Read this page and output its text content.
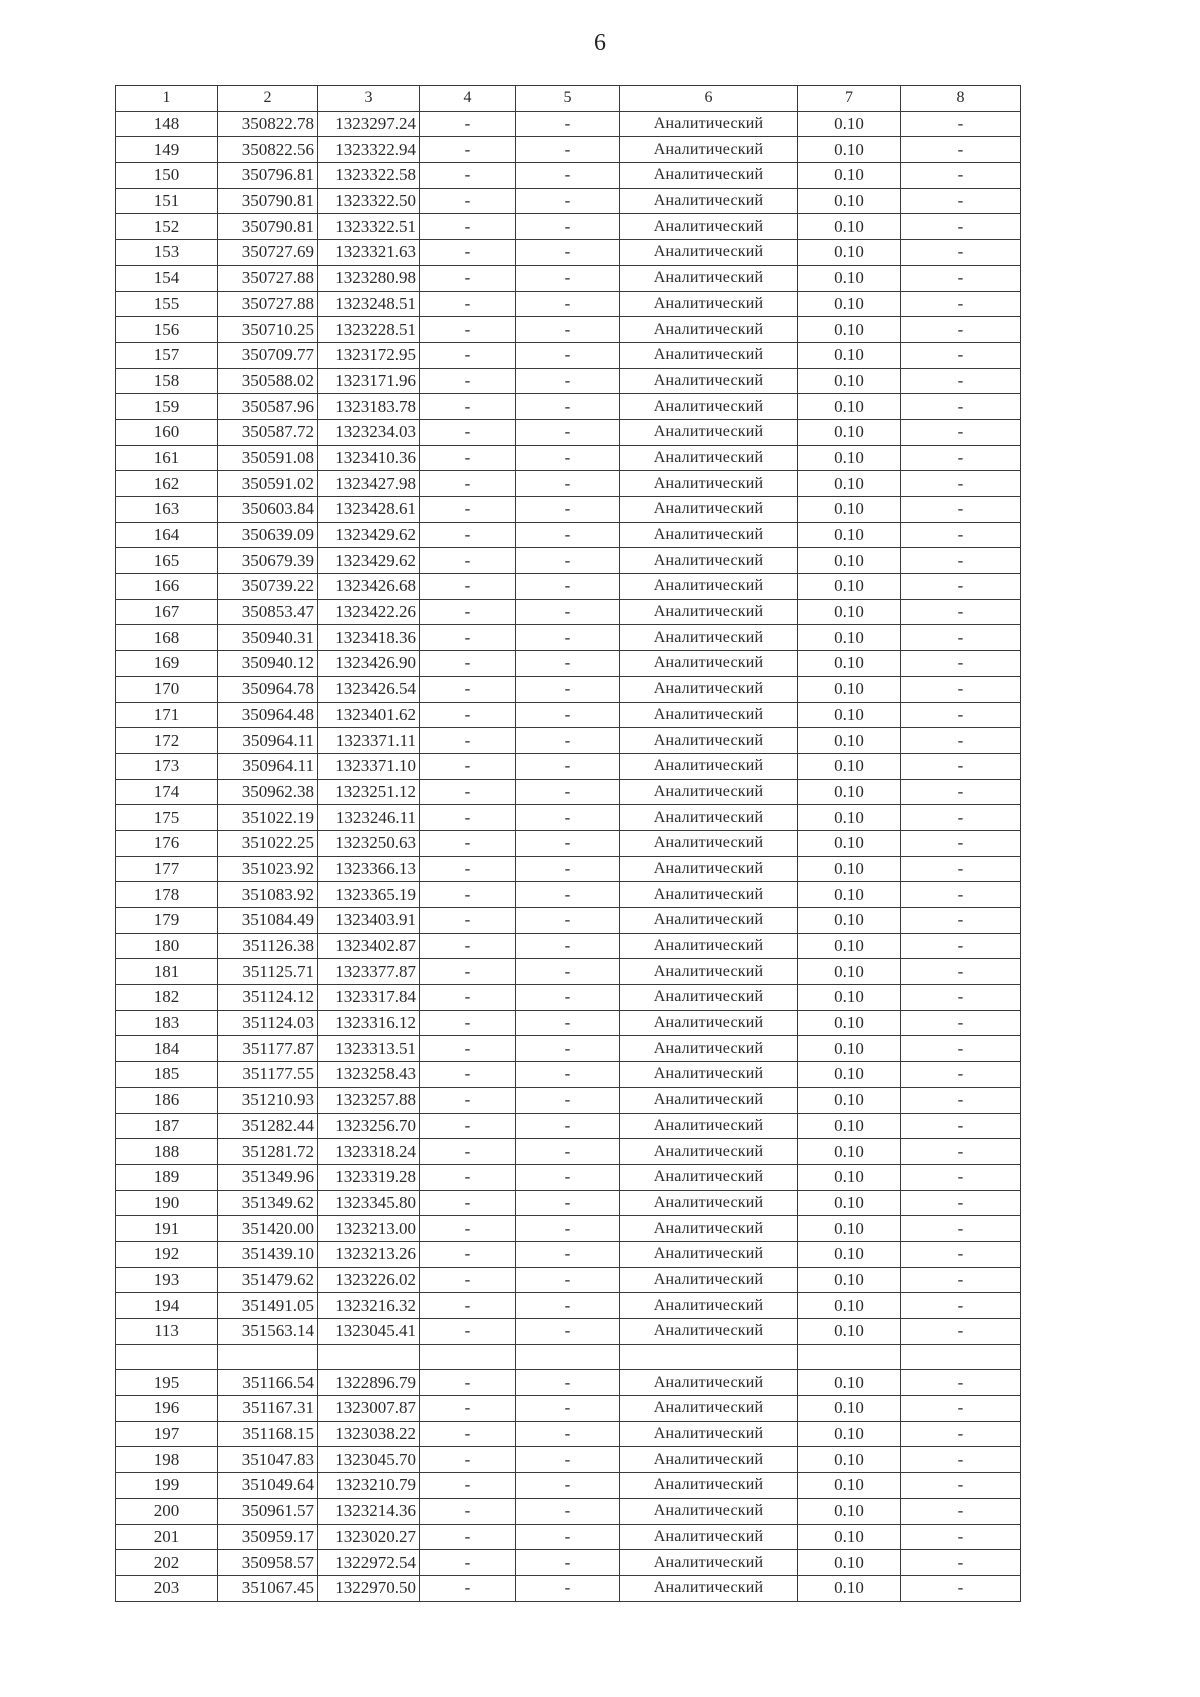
6
1	2	3	4	5	6	7	8
148	350822.78	1323297.24	-	-	Аналитический	0.10	-
149	350822.56	1323322.94	-	-	Аналитический	0.10	-
150	350796.81	1323322.58	-	-	Аналитический	0.10	-
151	350790.81	1323322.50	-	-	Аналитический	0.10	-
152	350790.81	1323322.51	-	-	Аналитический	0.10	-
153	350727.69	1323321.63	-	-	Аналитический	0.10	-
154	350727.88	1323280.98	-	-	Аналитический	0.10	-
155	350727.88	1323248.51	-	-	Аналитический	0.10	-
156	350710.25	1323228.51	-	-	Аналитический	0.10	-
157	350709.77	1323172.95	-	-	Аналитический	0.10	-
158	350588.02	1323171.96	-	-	Аналитический	0.10	-
159	350587.96	1323183.78	-	-	Аналитический	0.10	-
160	350587.72	1323234.03	-	-	Аналитический	0.10	-
161	350591.08	1323410.36	-	-	Аналитический	0.10	-
162	350591.02	1323427.98	-	-	Аналитический	0.10	-
163	350603.84	1323428.61	-	-	Аналитический	0.10	-
164	350639.09	1323429.62	-	-	Аналитический	0.10	-
165	350679.39	1323429.62	-	-	Аналитический	0.10	-
166	350739.22	1323426.68	-	-	Аналитический	0.10	-
167	350853.47	1323422.26	-	-	Аналитический	0.10	-
168	350940.31	1323418.36	-	-	Аналитический	0.10	-
169	350940.12	1323426.90	-	-	Аналитический	0.10	-
170	350964.78	1323426.54	-	-	Аналитический	0.10	-
171	350964.48	1323401.62	-	-	Аналитический	0.10	-
172	350964.11	1323371.11	-	-	Аналитический	0.10	-
173	350964.11	1323371.10	-	-	Аналитический	0.10	-
174	350962.38	1323251.12	-	-	Аналитический	0.10	-
175	351022.19	1323246.11	-	-	Аналитический	0.10	-
176	351022.25	1323250.63	-	-	Аналитический	0.10	-
177	351023.92	1323366.13	-	-	Аналитический	0.10	-
178	351083.92	1323365.19	-	-	Аналитический	0.10	-
179	351084.49	1323403.91	-	-	Аналитический	0.10	-
180	351126.38	1323402.87	-	-	Аналитический	0.10	-
181	351125.71	1323377.87	-	-	Аналитический	0.10	-
182	351124.12	1323317.84	-	-	Аналитический	0.10	-
183	351124.03	1323316.12	-	-	Аналитический	0.10	-
184	351177.87	1323313.51	-	-	Аналитический	0.10	-
185	351177.55	1323258.43	-	-	Аналитический	0.10	-
186	351210.93	1323257.88	-	-	Аналитический	0.10	-
187	351282.44	1323256.70	-	-	Аналитический	0.10	-
188	351281.72	1323318.24	-	-	Аналитический	0.10	-
189	351349.96	1323319.28	-	-	Аналитический	0.10	-
190	351349.62	1323345.80	-	-	Аналитический	0.10	-
191	351420.00	1323213.00	-	-	Аналитический	0.10	-
192	351439.10	1323213.26	-	-	Аналитический	0.10	-
193	351479.62	1323226.02	-	-	Аналитический	0.10	-
194	351491.05	1323216.32	-	-	Аналитический	0.10	-
113	351563.14	1323045.41	-	-	Аналитический	0.10	-

195	351166.54	1322896.79	-	-	Аналитический	0.10	-
196	351167.31	1323007.87	-	-	Аналитический	0.10	-
197	351168.15	1323038.22	-	-	Аналитический	0.10	-
198	351047.83	1323045.70	-	-	Аналитический	0.10	-
199	351049.64	1323210.79	-	-	Аналитический	0.10	-
200	350961.57	1323214.36	-	-	Аналитический	0.10	-
201	350959.17	1323020.27	-	-	Аналитический	0.10	-
202	350958.57	1322972.54	-	-	Аналитический	0.10	-
203	351067.45	1322970.50	-	-	Аналитический	0.10	-
